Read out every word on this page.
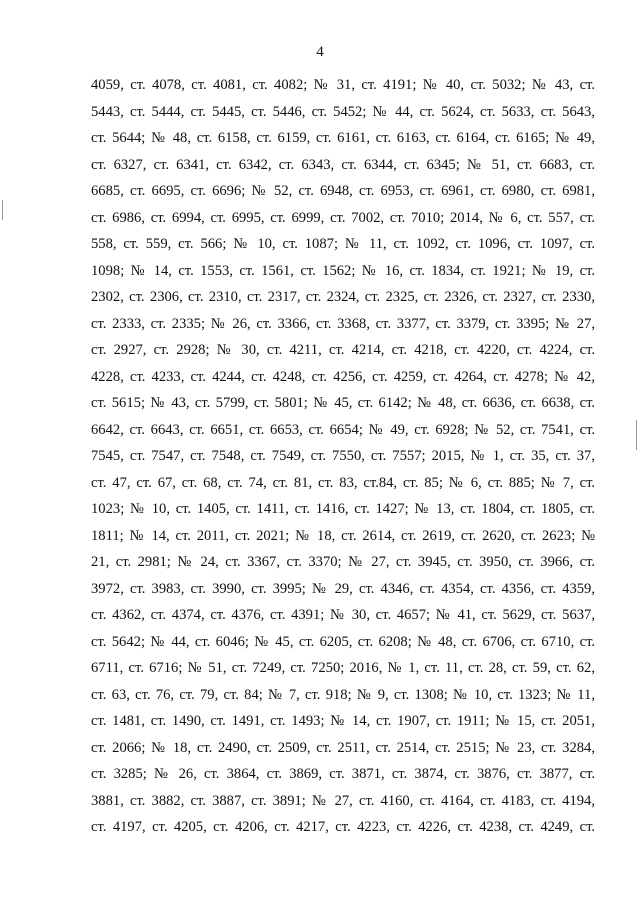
4
4059, ст. 4078, ст. 4081, ст. 4082; № 31, ст. 4191; № 40, ст. 5032; № 43, ст.
5443, ст. 5444, ст. 5445, ст. 5446, ст. 5452; № 44, ст. 5624, ст. 5633, ст. 5643,
ст. 5644; № 48, ст. 6158, ст. 6159, ст. 6161, ст. 6163, ст. 6164, ст. 6165; № 49,
ст. 6327, ст. 6341, ст. 6342, ст. 6343, ст. 6344, ст. 6345; № 51, ст. 6683, ст.
6685, ст. 6695, ст. 6696; № 52, ст. 6948, ст. 6953, ст. 6961, ст. 6980, ст. 6981,
ст. 6986, ст. 6994, ст. 6995, ст. 6999, ст. 7002, ст. 7010; 2014, № 6, ст. 557, ст.
558, ст. 559, ст. 566; № 10, ст. 1087; № 11, ст. 1092, ст. 1096, ст. 1097, ст.
1098; № 14, ст. 1553, ст. 1561, ст. 1562; № 16, ст. 1834, ст. 1921; № 19, ст.
2302, ст. 2306, ст. 2310, ст. 2317, ст. 2324, ст. 2325, ст. 2326, ст. 2327, ст. 2330,
ст. 2333, ст. 2335; № 26, ст. 3366, ст. 3368, ст. 3377, ст. 3379, ст. 3395; № 27,
ст. 2927, ст. 2928; № 30, ст. 4211, ст. 4214, ст. 4218, ст. 4220, ст. 4224, ст.
4228, ст. 4233, ст. 4244, ст. 4248, ст. 4256, ст. 4259, ст. 4264, ст. 4278; № 42,
ст. 5615; № 43, ст. 5799, ст. 5801; № 45, ст. 6142; № 48, ст. 6636, ст. 6638, ст.
6642, ст. 6643, ст. 6651, ст. 6653, ст. 6654; № 49, ст. 6928; № 52, ст. 7541, ст.
7545, ст. 7547, ст. 7548, ст. 7549, ст. 7550, ст. 7557; 2015, № 1, ст. 35, ст. 37,
ст. 47, ст. 67, ст. 68, ст. 74, ст. 81, ст. 83, ст.84, ст. 85; № 6, ст. 885; № 7, ст.
1023; № 10, ст. 1405, ст. 1411, ст. 1416, ст. 1427; № 13, ст. 1804, ст. 1805, ст.
1811; № 14, ст. 2011, ст. 2021; № 18, ст. 2614, ст. 2619, ст. 2620, ст. 2623; №
21, ст. 2981; № 24, ст. 3367, ст. 3370; № 27, ст. 3945, ст. 3950, ст. 3966, ст.
3972, ст. 3983, ст. 3990, ст. 3995; № 29, ст. 4346, ст. 4354, ст. 4356, ст. 4359,
ст. 4362, ст. 4374, ст. 4376, ст. 4391; № 30, ст. 4657; № 41, ст. 5629, ст. 5637,
ст. 5642; № 44, ст. 6046; № 45, ст. 6205, ст. 6208; № 48, ст. 6706, ст. 6710, ст.
6711, ст. 6716; № 51, ст. 7249, ст. 7250; 2016, № 1, ст. 11, ст. 28, ст. 59, ст. 62,
ст. 63, ст. 76, ст. 79, ст. 84; № 7, ст. 918; № 9, ст. 1308; № 10, ст. 1323; № 11,
ст. 1481, ст. 1490, ст. 1491, ст. 1493; № 14, ст. 1907, ст. 1911; № 15, ст. 2051,
ст. 2066; № 18, ст. 2490, ст. 2509, ст. 2511, ст. 2514, ст. 2515; № 23, ст. 3284,
ст. 3285; № 26, ст. 3864, ст. 3869, ст. 3871, ст. 3874, ст. 3876, ст. 3877, ст.
3881, ст. 3882, ст. 3887, ст. 3891; № 27, ст. 4160, ст. 4164, ст. 4183, ст. 4194,
ст. 4197, ст. 4205, ст. 4206, ст. 4217, ст. 4223, ст. 4226, ст. 4238, ст. 4249, ст.
